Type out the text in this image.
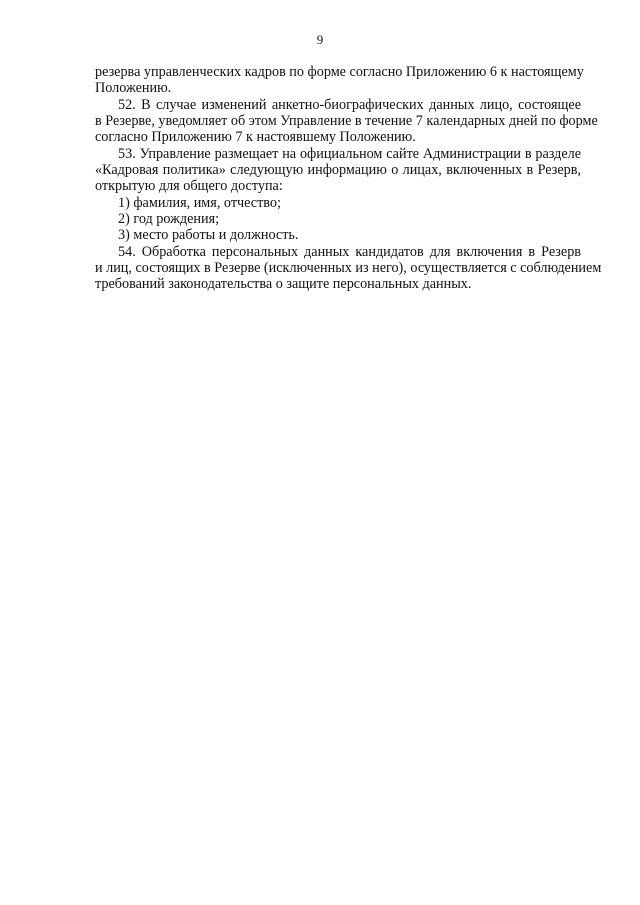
9
резерва управленческих кадров по форме согласно Приложению 6 к настоящему
Положению.
52. В случае изменений анкетно-биографических данных лицо, состоящее
в Резерве, уведомляет об этом Управление в течение 7 календарных дней по форме
согласно Приложению 7 к настоявшему Положению.
53. Управление размещает на официальном сайте Администрации в разделе
«Кадровая политика» следующую информацию о лицах, включенных в Резерв,
открытую для общего доступа:
1) фамилия, имя, отчество;
2) год рождения;
3) место работы и должность.
54. Обработка персональных данных кандидатов для включения в Резерв
и лиц, состоящих в Резерве (исключенных из него), осуществляется с соблюдением
требований законодательства о защите персональных данных.
